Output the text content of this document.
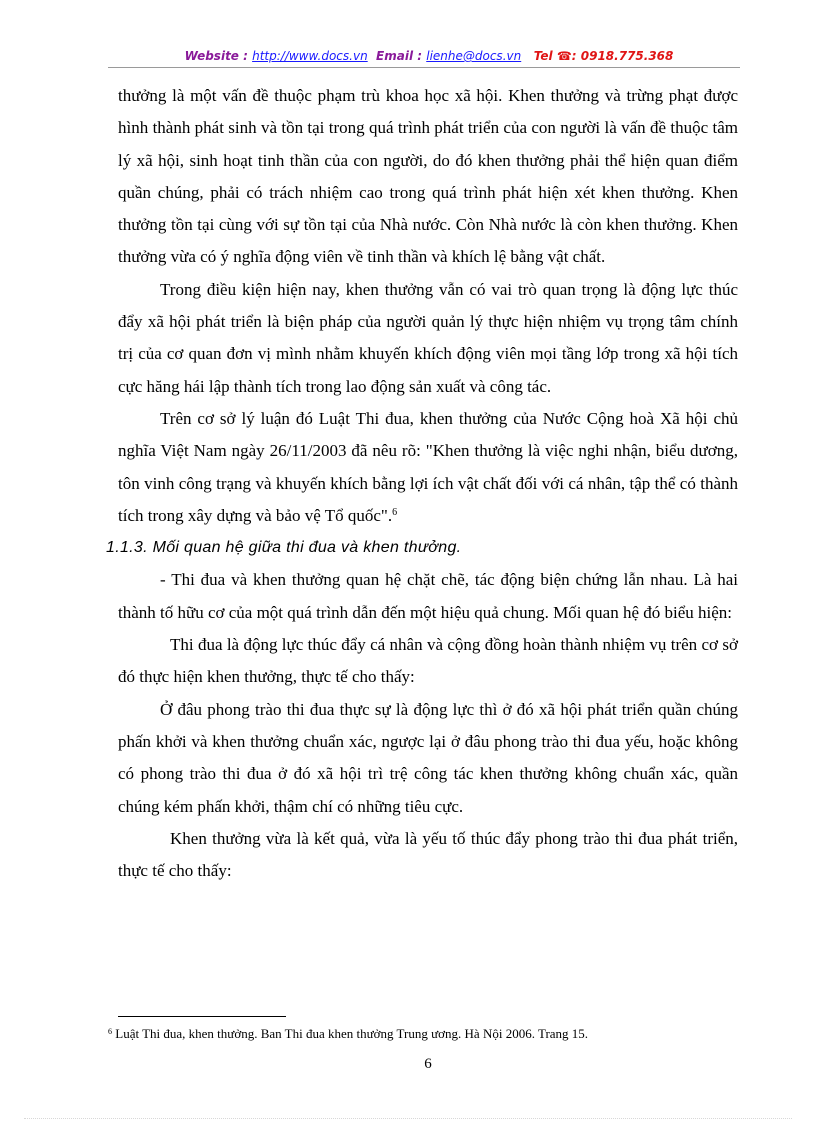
Website : http://www.docs.vn Email : lienhe@docs.vn Tel ☎: 0918.775.368

thưởng là một vấn đề thuộc phạm trù khoa học xã hội. Khen thưởng và trừng phạt được hình thành phát sinh và tồn tại trong quá trình phát triển của con người là vấn đề thuộc tâm lý xã hội, sinh hoạt tinh thần của con người, do đó khen thưởng phải thể hiện quan điểm quần chúng, phải có trách nhiệm cao trong quá trình phát hiện xét khen thưởng. Khen thưởng tồn tại cùng với sự tồn tại của Nhà nước. Còn Nhà nước là còn khen thưởng. Khen thưởng vừa có ý nghĩa động viên về tinh thần và khích lệ bằng vật chất.

Trong điều kiện hiện nay, khen thưởng vẫn có vai trò quan trọng là động lực thúc đẩy xã hội phát triển là biện pháp của người quản lý thực hiện nhiệm vụ trọng tâm chính trị của cơ quan đơn vị mình nhằm khuyến khích động viên mọi tầng lớp trong xã hội tích cực hăng hái lập thành tích trong lao động sản xuất và công tác.

Trên cơ sở lý luận đó Luật Thi đua, khen thưởng của Nước Cộng hoà Xã hội chủ nghĩa Việt Nam ngày 26/11/2003 đã nêu rõ: "Khen thưởng là việc nghi nhận, biểu dương, tôn vinh công trạng và khuyến khích bằng lợi ích vật chất đối với cá nhân, tập thể có thành tích trong xây dựng và bảo vệ Tổ quốc".$^6$

1.1.3. Mối quan hệ giữa thi đua và khen thưởng.

- Thi đua và khen thưởng quan hệ chặt chẽ, tác động biện chứng lẫn nhau. Là hai thành tố hữu cơ của một quá trình dẫn đến một hiệu quả chung. Mối quan hệ đó biểu hiện:

Thi đua là động lực thúc đẩy cá nhân và cộng đồng hoàn thành nhiệm vụ trên cơ sở đó thực hiện khen thưởng, thực tế cho thấy:

Ở đâu phong trào thi đua thực sự là động lực thì ở đó xã hội phát triển quần chúng phấn khởi và khen thưởng chuẩn xác, ngược lại ở đâu phong trào thi đua yếu, hoặc không có phong trào thi đua ở đó xã hội trì trệ công tác khen thưởng không chuẩn xác, quần chúng kém phấn khởi, thậm chí có những tiêu cực.

Khen thưởng vừa là kết quả, vừa là yếu tố thúc đẩy phong trào thi đua phát triển, thực tế cho thấy:

$^6$ Luật Thi đua, khen thưởng. Ban Thi đua khen thưởng Trung ương. Hà Nội 2006. Trang 15.
6
